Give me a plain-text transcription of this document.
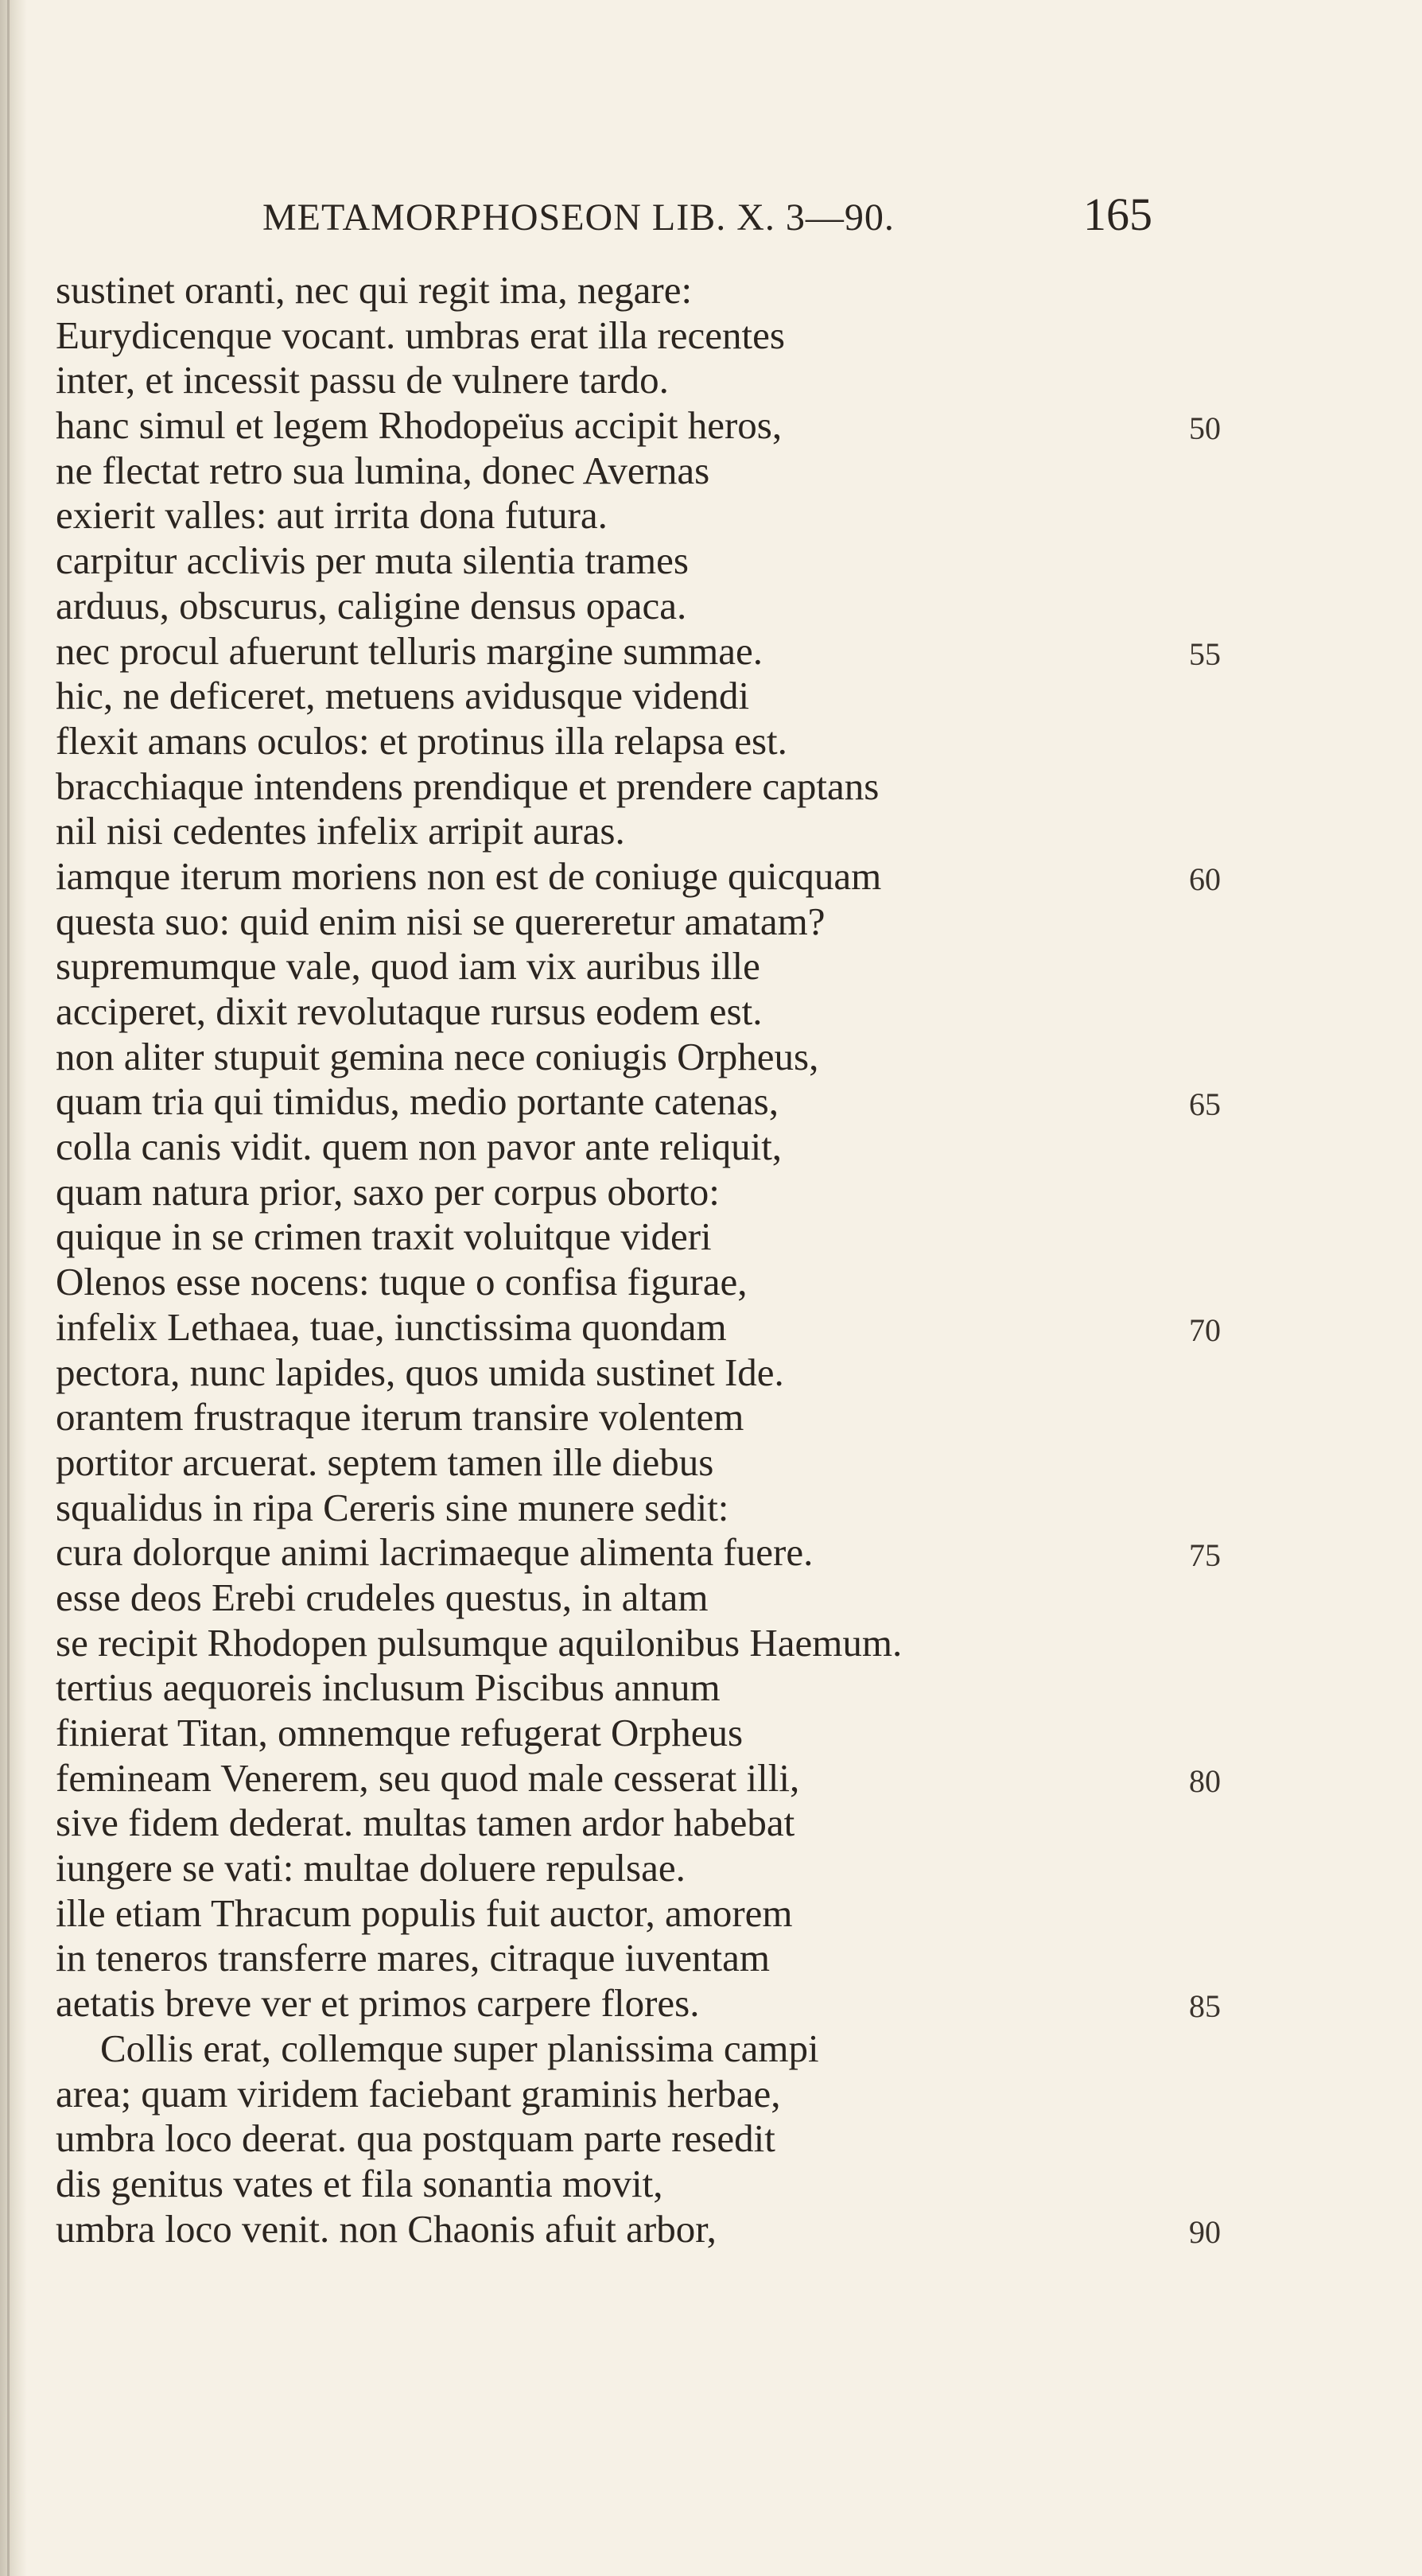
METAMORPHOSEON LIB. X. 3—90.	165
sustinet oranti, nec qui regit ima, negare:
Eurydicenque vocant. umbras erat illa recentes
inter, et incessit passu de vulnere tardo.
hanc simul et legem Rhodopeïus accipit heros,	50
ne flectat retro sua lumina, donec Avernas
exierit valles: aut irrita dona futura.
carpitur acclivis per muta silentia trames
arduus, obscurus, caligine densus opaca.
nec procul afuerunt telluris margine summae.	55
hic, ne deficeret, metuens avidusque videndi
flexit amans oculos: et protinus illa relapsa est.
bracchiaque intendens prendique et prendere captans
nil nisi cedentes infelix arripit auras.
iamque iterum moriens non est de coniuge quicquam	60
questa suo: quid enim nisi se quereretur amatam?
supremumque vale, quod iam vix auribus ille
acciperet, dixit revolutaque rursus eodem est.
non aliter stupuit gemina nece coniugis Orpheus,
quam tria qui timidus, medio portante catenas,	65
colla canis vidit. quem non pavor ante reliquit,
quam natura prior, saxo per corpus oborto:
quique in se crimen traxit voluitque videri
Olenos esse nocens: tuque o confisa figurae,
infelix Lethaea, tuae, iunctissima quondam	70
pectora, nunc lapides, quos umida sustinet Ide.
orantem frustraque iterum transire volentem
portitor arcuerat. septem tamen ille diebus
squalidus in ripa Cereris sine munere sedit:
cura dolorque animi lacrimaeque alimenta fuere.	75
esse deos Erebi crudeles questus, in altam
se recipit Rhodopen pulsumque aquilonibus Haemum.
tertius aequoreis inclusum Piscibus annum
finierat Titan, omnemque refugerat Orpheus
femineam Venerem, seu quod male cesserat illi,	80
sive fidem dederat. multas tamen ardor habebat
iungere se vati: multae doluere repulsae.
ille etiam Thracum populis fuit auctor, amorem
in teneros transferre mares, citraque iuventam
aetatis breve ver et primos carpere flores.	85
Collis erat, collemque super planissima campi
area; quam viridem faciebant graminis herbae,
umbra loco deerat. qua postquam parte resedit
dis genitus vates et fila sonantia movit,
umbra loco venit. non Chaonis afuit arbor,	90
